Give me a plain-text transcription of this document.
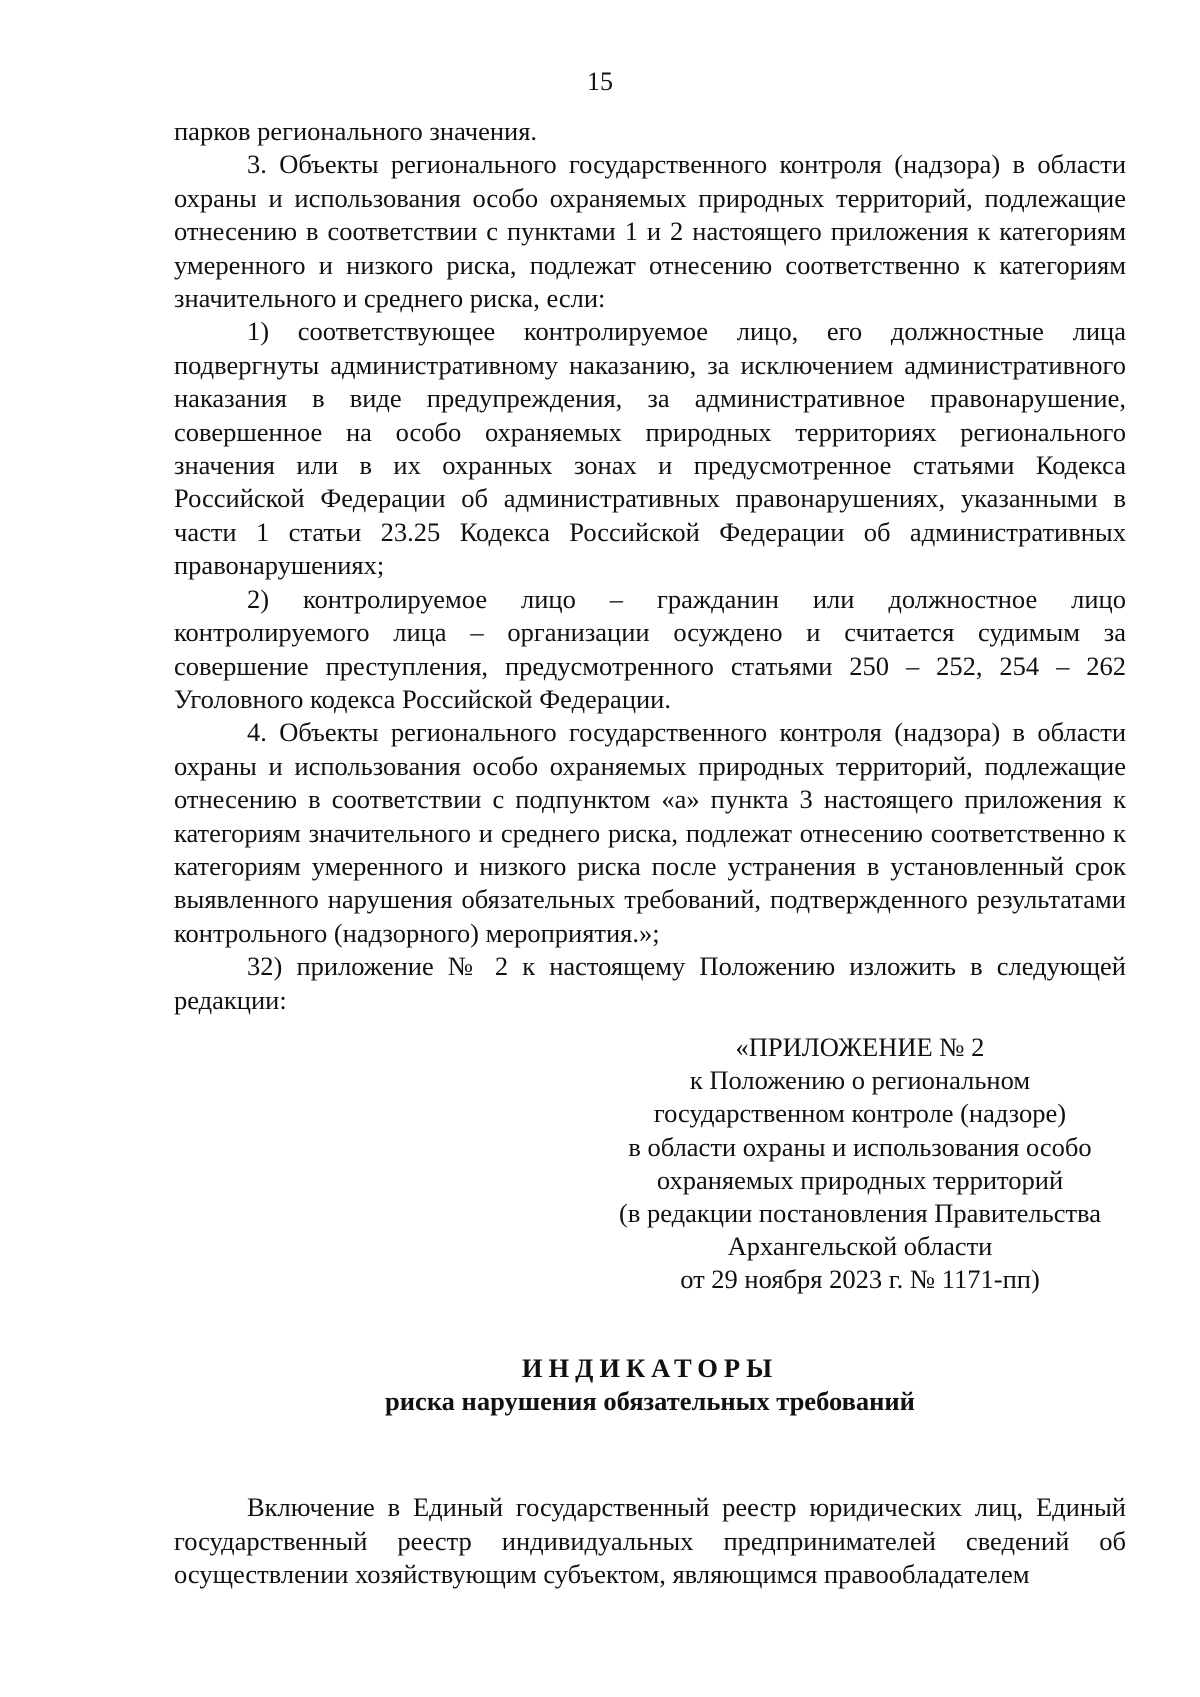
15

парков регионального значения.

3. Объекты регионального государственного контроля (надзора) в области охраны и использования особо охраняемых природных территорий, подлежащие отнесению в соответствии с пунктами 1 и 2 настоящего приложения к категориям умеренного и низкого риска, подлежат отнесению соответственно к категориям значительного и среднего риска, если:

1) соответствующее контролируемое лицо, его должностные лица подвергнуты административному наказанию, за исключением административного наказания в виде предупреждения, за административное правонарушение, совершенное на особо охраняемых природных территориях регионального значения или в их охранных зонах и предусмотренное статьями Кодекса Российской Федерации об административных правонарушениях, указанными в части 1 статьи 23.25 Кодекса Российской Федерации об административных правонарушениях;

2) контролируемое лицо – гражданин или должностное лицо контролируемого лица – организации осуждено и считается судимым за совершение преступления, предусмотренного статьями 250 – 252, 254 – 262 Уголовного кодекса Российской Федерации.

4. Объекты регионального государственного контроля (надзора) в области охраны и использования особо охраняемых природных территорий, подлежащие отнесению в соответствии с подпунктом «а» пункта 3 настоящего приложения к категориям значительного и среднего риска, подлежат отнесению соответственно к категориям умеренного и низкого риска после устранения в установленный срок выявленного нарушения обязательных требований, подтвержденного результатами контрольного (надзорного) мероприятия.»;

32) приложение № 2 к настоящему Положению изложить в следующей редакции:

«ПРИЛОЖЕНИЕ № 2
к Положению о региональном
государственном контроле (надзоре)
в области охраны и использования особо
охраняемых природных территорий
(в редакции постановления Правительства
Архангельской области
от 29 ноября 2023 г. № 1171-пп)
ИНДИКАТОРЫ
риска нарушения обязательных требований

Включение в Единый государственный реестр юридических лиц, Единый государственный реестр индивидуальных предпринимателей сведений об осуществлении хозяйствующим субъектом, являющимся правообладателем
